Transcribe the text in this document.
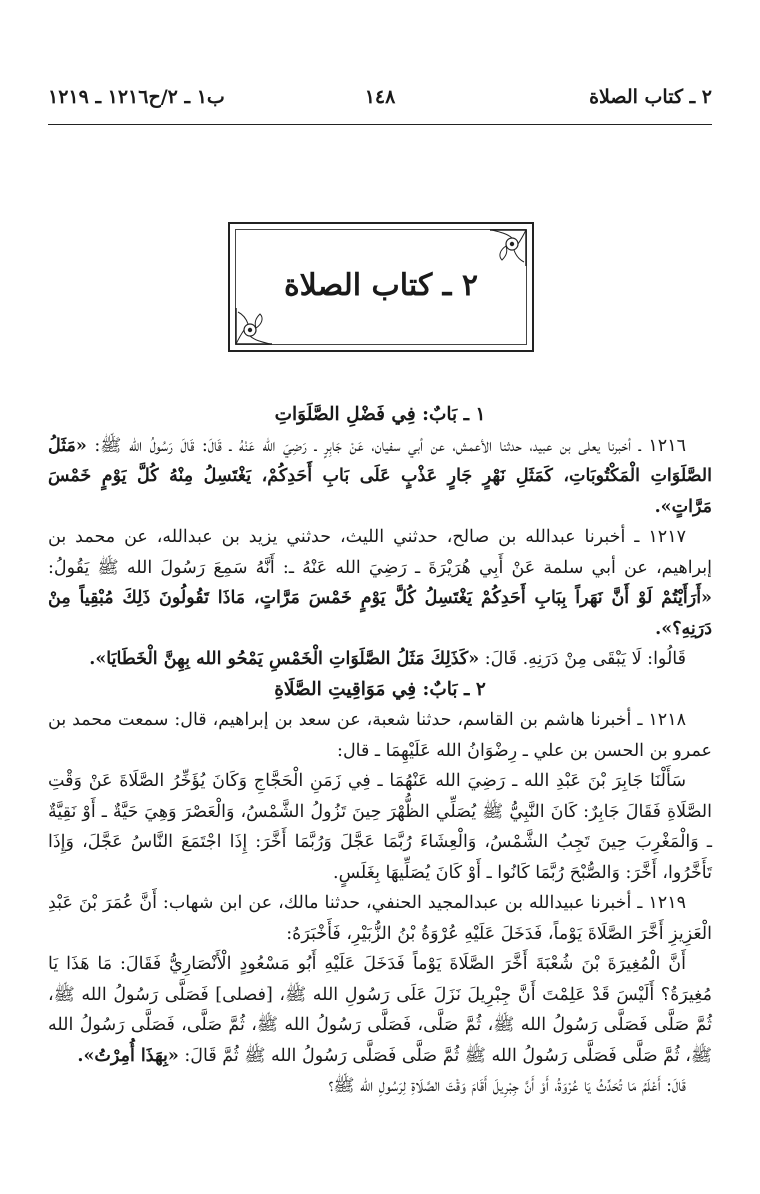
٢ ـ كتاب الصلاة
١٤٨
ب١ ـ ٢/ح١٢١٦ ـ ١٢١٩
٢ ـ كتاب الصلاة

١ ـ بَابٌ: فِي فَضْلِ الصَّلَوَاتِ

١٢١٦ ـ أخبرنا يعلى بن عبيد، حدثنا الأعمش، عن أبي سفيان، عَنْ جَابِرٍ ـ رَضِيَ الله عَنْهُ ـ قَالَ: قَالَ رَسُولُ الله ﷺ: «مَثَلُ الصَّلَوَاتِ الْمَكْتُوبَاتِ، كَمَثَلِ نَهْرٍ جَارٍ عَذْبٍ عَلَى بَابِ أَحَدِكُمْ، يَغْتَسِلُ مِنْهُ كُلَّ يَوْمٍ خَمْسَ مَرَّاتٍ».

١٢١٧ ـ أخبرنا عبدالله بن صالح، حدثني الليث، حدثني يزيد بن عبدالله، عن محمد بن إبراهيم، عن أبي سلمة عَنْ أَبِي هُرَيْرَةَ ـ رَضِيَ الله عَنْهُ ـ: أَنَّهُ سَمِعَ رَسُولَ الله ﷺ يَقُولُ: «أَرَأَيْتُمْ لَوْ أَنَّ نَهَراً بِبَابِ أَحَدِكُمْ يَغْتَسِلُ كُلَّ يَوْمٍ خَمْسَ مَرَّاتٍ، مَاذَا تَقُولُونَ ذَلِكَ مُبْقِياً مِنْ دَرَنِهِ؟».

قَالُوا: لَا يَبْقَى مِنْ دَرَنِهِ. قَالَ: «كَذَلِكَ مَثَلُ الصَّلَوَاتِ الْخَمْسِ يَمْحُو الله بِهِنَّ الْخَطَايَا».

٢ ـ بَابٌ: فِي مَوَاقِيتِ الصَّلَاةِ

١٢١٨ ـ أخبرنا هاشم بن القاسم، حدثنا شعبة، عن سعد بن إبراهيم، قال: سمعت محمد بن عمرو بن الحسن بن علي ـ رِضْوَانُ الله عَلَيْهِمَا ـ قال:

سَأَلْنَا جَابِرَ بْنَ عَبْدِ الله ـ رَضِيَ الله عَنْهُمَا ـ فِي زَمَنِ الْحَجَّاجِ وَكَانَ يُؤَخِّرُ الصَّلَاةَ عَنْ وَقْتِ الصَّلَاةِ فَقَالَ جَابِرٌ: كَانَ النَّبِيُّ ﷺ يُصَلِّي الظُّهْرَ حِينَ تَزُولُ الشَّمْسُ، وَالْعَصْرَ وَهِيَ حَيَّةٌ ـ أَوْ نَقِيَّةٌ ـ وَالْمَغْرِبَ حِينَ تَجِبُ الشَّمْسُ، وَالْعِشَاءَ رُبَّمَا عَجَّلَ وَرُبَّمَا أَخَّرَ: إِذَا اجْتَمَعَ النَّاسُ عَجَّلَ، وَإِذَا تَأَخَّرُوا، أَخَّرَ: وَالصُّبْحَ رُبَّمَا كَانُوا ـ أَوْ كَانَ يُصَلِّيهَا بِغَلَسٍ.

١٢١٩ ـ أخبرنا عبيدالله بن عبدالمجيد الحنفي، حدثنا مالك، عن ابن شهاب: أَنَّ عُمَرَ بْنَ عَبْدِ الْعَزِيزِ أَخَّرَ الصَّلَاةَ يَوْماً، فَدَخَلَ عَلَيْهِ عُرْوَةُ بْنُ الزُّبَيْرِ، فَأَخْبَرَهُ:

أَنَّ الْمُغِيرَةَ بْنَ شُعْبَةَ أَخَّرَ الصَّلَاةَ يَوْماً فَدَخَلَ عَلَيْهِ أَبُو مَسْعُودٍ الْأَنْصَارِيُّ فَقَالَ: مَا هَذَا يَا مُغِيرَةُ؟ أَلَيْسَ قَدْ عَلِمْتَ أَنَّ جِبْرِيلَ نَزَلَ عَلَى رَسُولِ الله ﷺ، [فصلى] فَصَلَّى رَسُولُ الله ﷺ، ثُمَّ صَلَّى فَصَلَّى رَسُولُ الله ﷺ، ثُمَّ صَلَّى، فَصَلَّى رَسُولُ الله ﷺ، ثُمَّ صَلَّى، فَصَلَّى رَسُولُ الله ﷺ، ثُمَّ صَلَّى فَصَلَّى رَسُولُ الله ﷺ ثُمَّ صَلَّى فَصَلَّى رَسُولُ الله ﷺ ثُمَّ قَالَ: «بِهَذَا أُمِرْتُ».

قَالَ: أَعْلَمُ مَا تُحَدِّثُ يَا عُرْوَةُ، أَوْ أَنَّ جِبْرِيلَ أَقَامَ وَقْتَ الصَّلَاةِ لِرَسُولِ الله ﷺ؟
